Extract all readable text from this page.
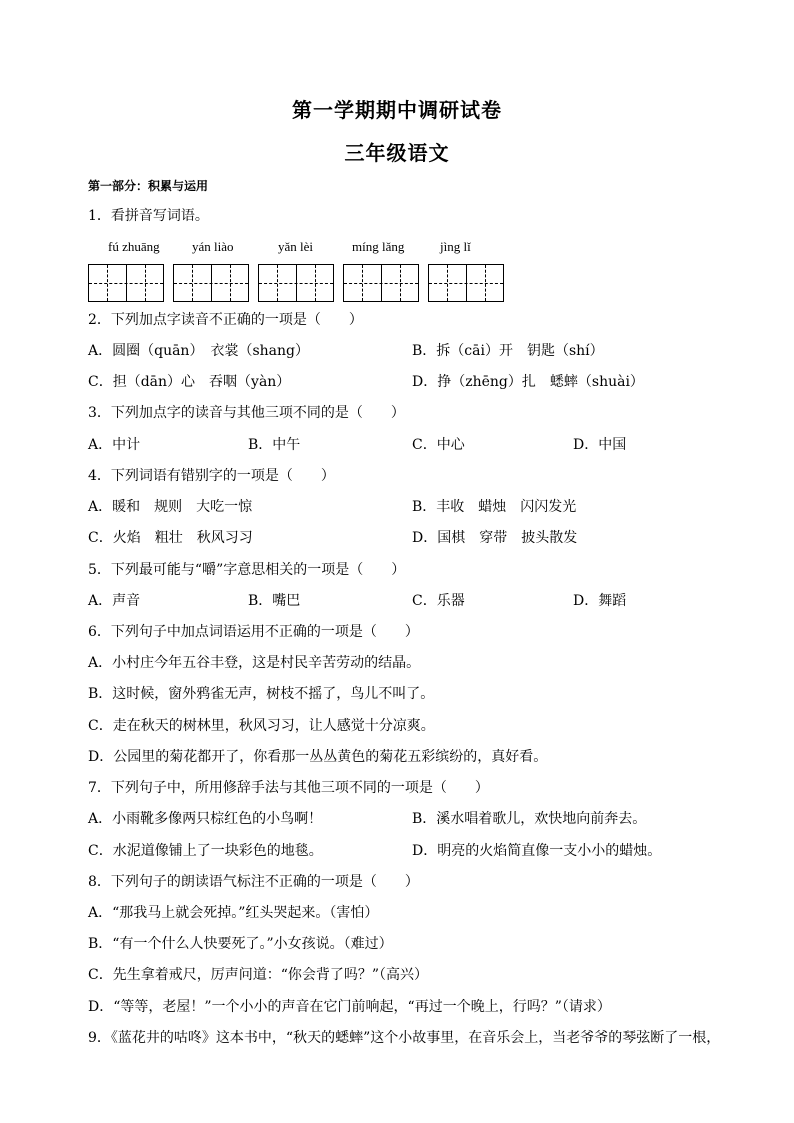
第一学期期中调研试卷
三年级语文
第一部分：积累与运用
1．看拼音写词语。
fú zhuāng yán liào	yǎn lèi	míng lǎng	jìng lǐ
2．下列加点字读音不正确的一项是（　　）
A．圆圈（quān）　衣裳（shang）	B．拆（cāi）开　钥匙（shí）
C．担（dān）心　吞咽（yàn）	D．挣（zhēng）扎　蟋蟀（shuài）
3．下列加点字的读音与其他三项不同的是（　　）
A．中计	B．中午	C．中心	D．中国
4．下列词语有错别字的一项是（　　）
A．暖和　规则　大吃一惊	B．丰收　蜡烛　闪闪发光
C．火焰　粗壮　秋风习习	D．国棋　穿带　披头散发
5．下列最可能与“嚼”字意思相关的一项是（　　）
A．声音	B．嘴巴	C．乐器	D．舞蹈
6．下列句子中加点词语运用不正确的一项是（　　）
A．小村庄今年五谷丰登，这是村民辛苦劳动的结晶。
B．这时候，窗外鸦雀无声，树枝不摇了，鸟儿不叫了。
C．走在秋天的树林里，秋风习习，让人感觉十分凉爽。
D．公园里的菊花都开了，你看那一丛丛黄色的菊花五彩缤纷的，真好看。
7．下列句子中，所用修辞手法与其他三项不同的一项是（　　）
A．小雨靴多像两只棕红色的小鸟啊！	B．溪水唱着歌儿，欢快地向前奔去。
C．水泥道像铺上了一块彩色的地毯。	D．明亮的火焰简直像一支小小的蜡烛。
8．下列句子的朗读语气标注不正确的一项是（　　）
A．“那我马上就会死掉。”红头哭起来。（害怕）
B．“有一个什么人快要死了。”小女孩说。（难过）
C．先生拿着戒尺，厉声问道：“你会背了吗？”（高兴）
D．“等等，老屋！”一个小小的声音在它门前响起，“再过一个晚上，行吗？”（请求）
9．《蓝花井的咕咚》这本书中，“秋天的蟋蟀”这个小故事里，在音乐会上，当老爷爷的琴弦断了一根，
